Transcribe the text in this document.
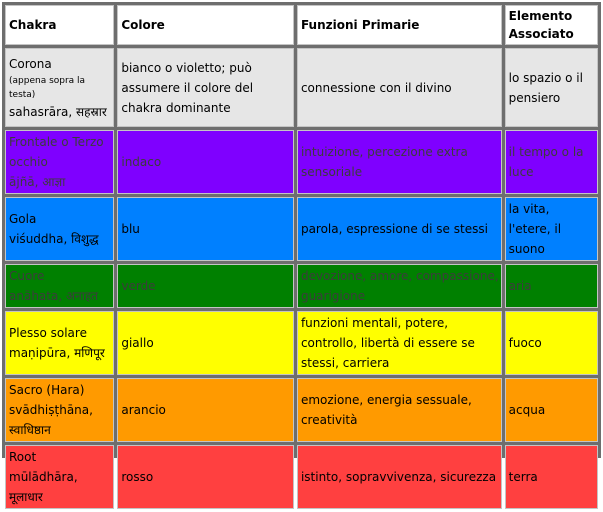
Chakra	Colore	Funzioni Primarie	Elemento Associato

Corona
(appena sopra la testa)
sahasrāra, सहस्रार	bianco o violetto; può assumere il colore del chakra dominante	connessione con il divino	lo spazio o il pensiero

Frontale o Terzo occhio
ājñā, आज्ञा	indaco	intuizione, percezione extra sensoriale	il tempo o la luce

Gola
viśuddha, विशुद्ध	blu	parola, espressione di se stessi	la vita, l'etere, il suono

Cuore
anāhata, अनाहत	verde	devozione, amore, compassione, guarigione	aria

Plesso solare
maṇipūra, मणिपूर	giallo	funzioni mentali, potere, controllo, libertà di essere se stessi, carriera	fuoco

Sacro (Hara)
svādhiṣṭhāna, स्वाधिष्ठान	arancio	emozione, energia sessuale, creatività	acqua

Root
mūlādhāra, मूलाधार	rosso	istinto, sopravvivenza, sicurezza	terra
